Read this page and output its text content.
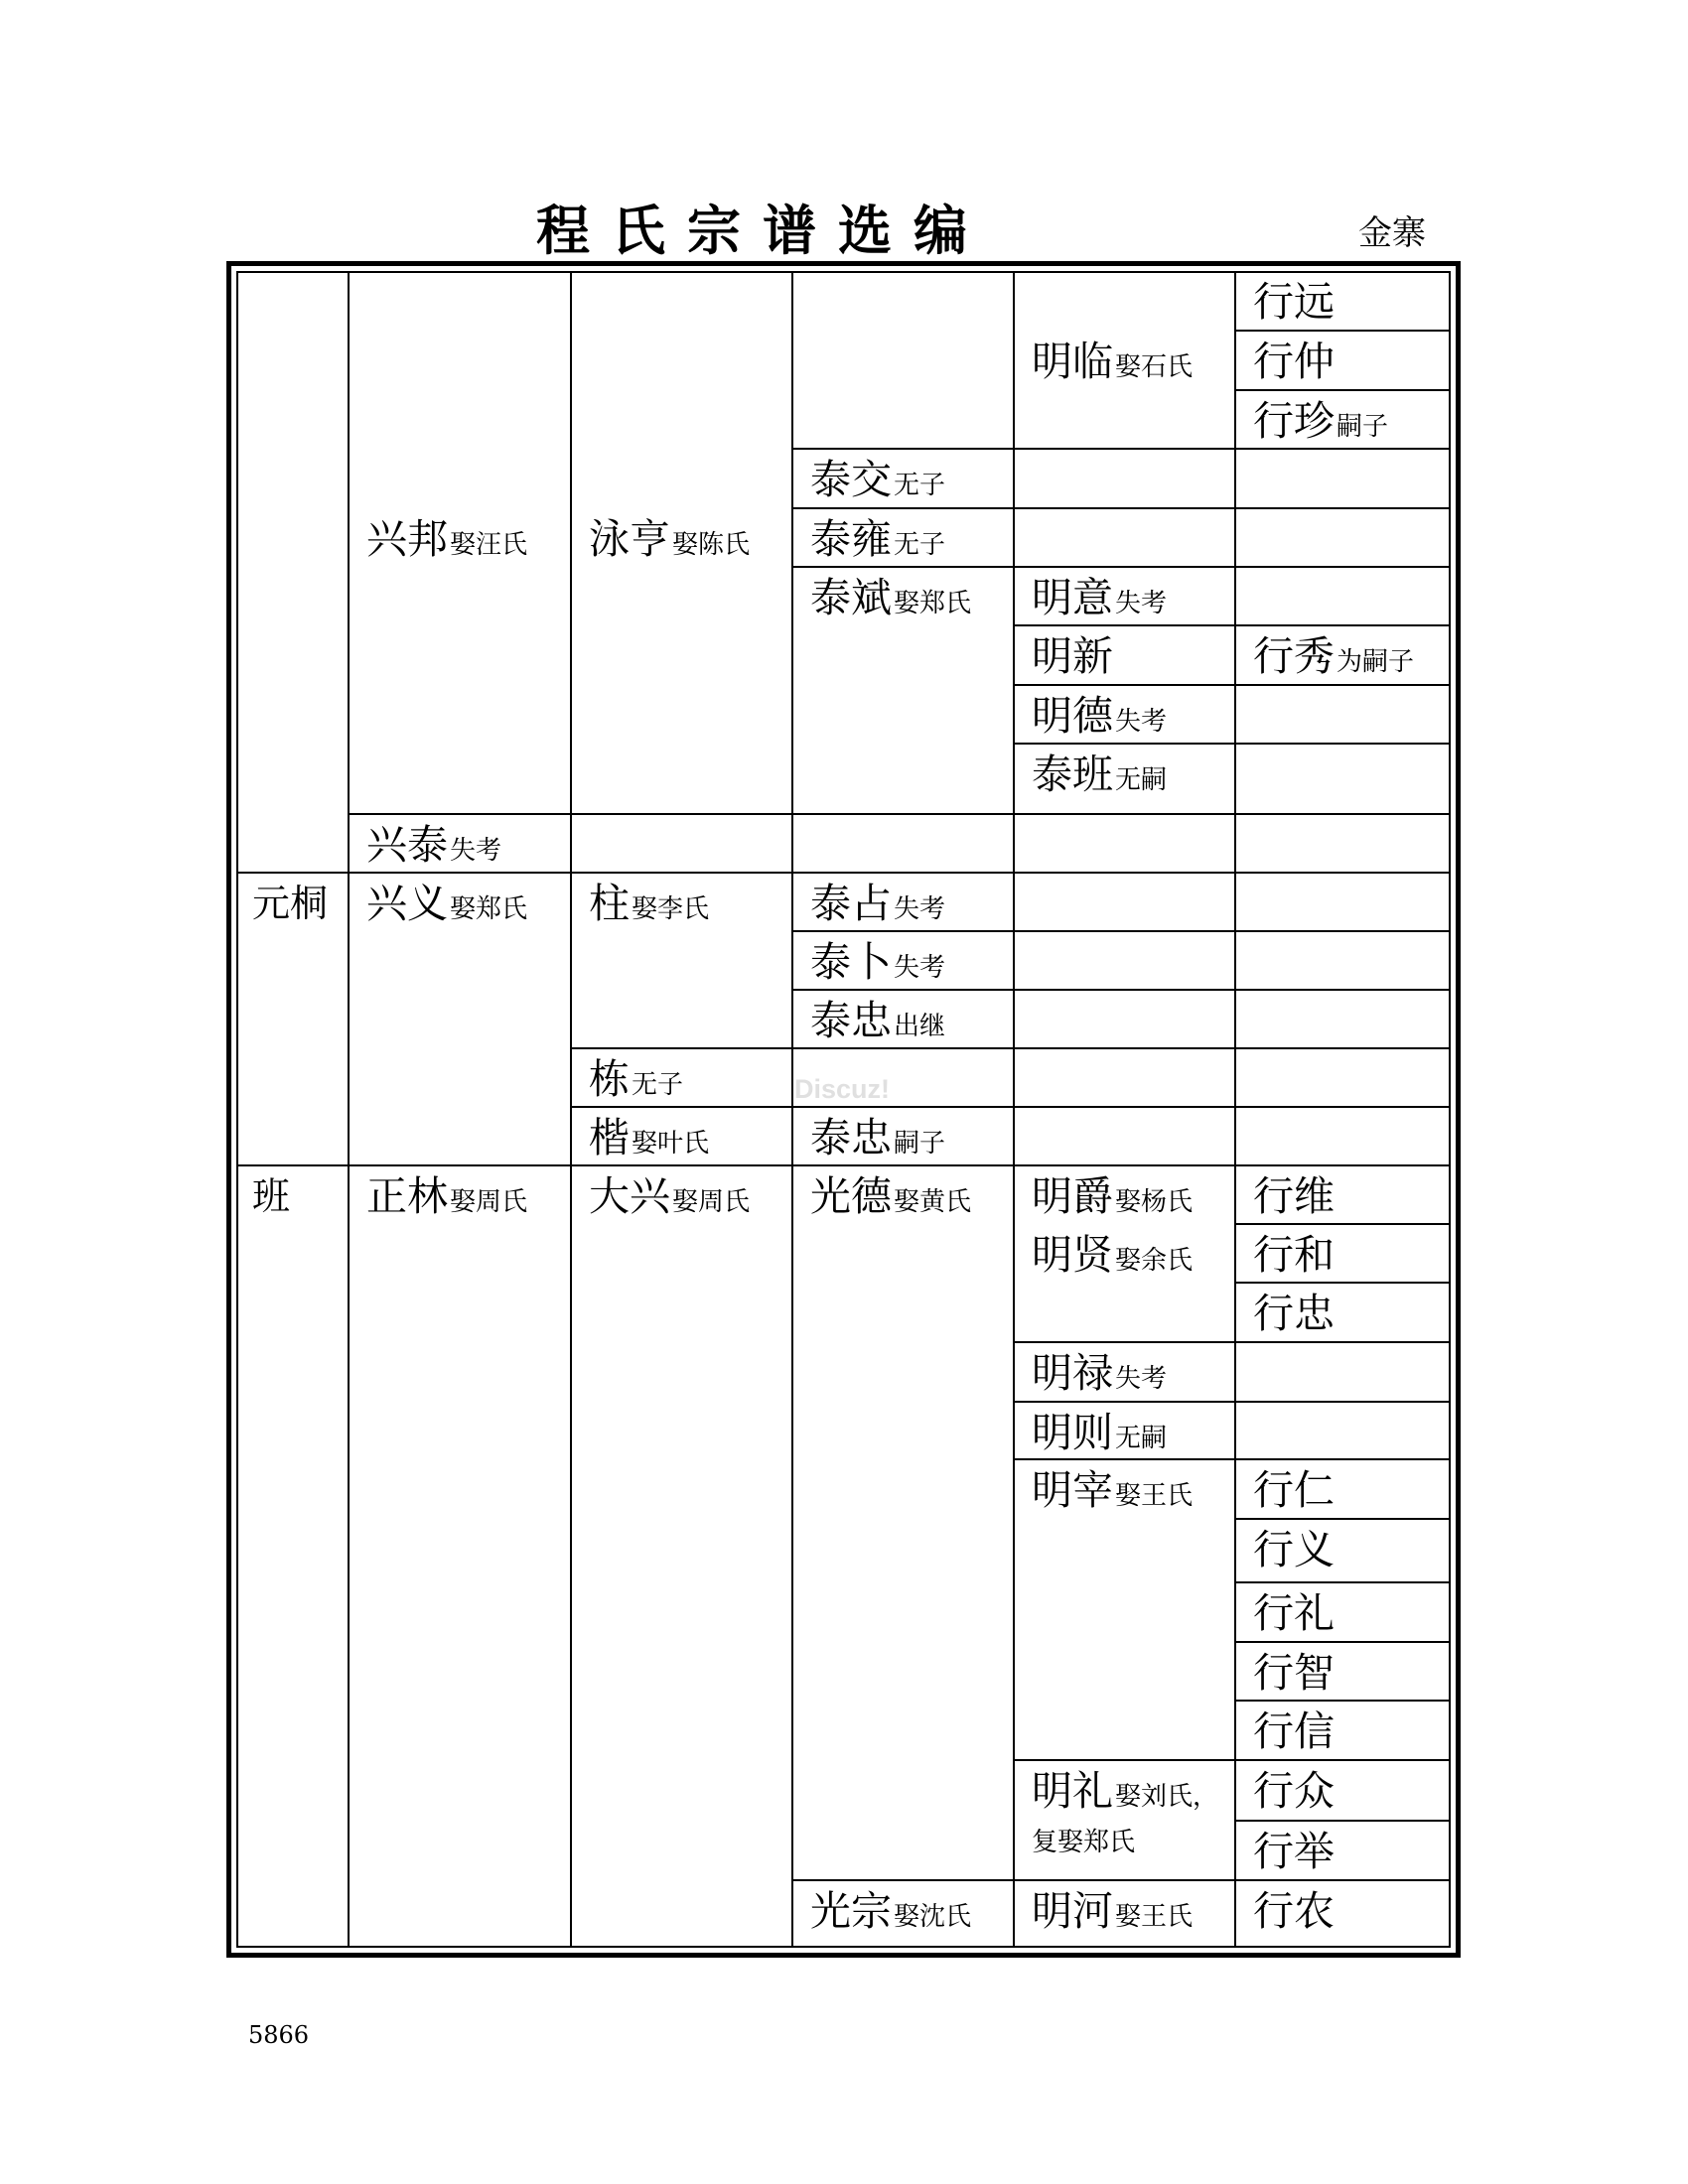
程氏宗谱选编	金寨
行远
明临娶石氏 行仲
行珍嗣子
泰交无子
兴邦娶汪氏 泳亨娶陈氏 泰雍无子
泰斌娶郑氏 明意失考
明新	行秀为嗣子
明德失考
泰班无嗣
兴泰失考
元桐 兴义娶郑氏 柱娶李氏 泰占失考
泰卜失考
泰忠出继
栋无子
楷娶叶氏 泰忠嗣子
班 正林娶周氏 大兴娶周氏 光德娶黄氏 明爵娶杨氏 行维
明贤娶余氏 行和
行忠
明禄失考
明则无嗣
明宰娶王氏 行仁
行义
行礼
行智
行信
明礼娶刘氏，
复娶郑氏
行众
行举
光宗娶沈氏 明河娶王氏 行农
Discuz!
5866
